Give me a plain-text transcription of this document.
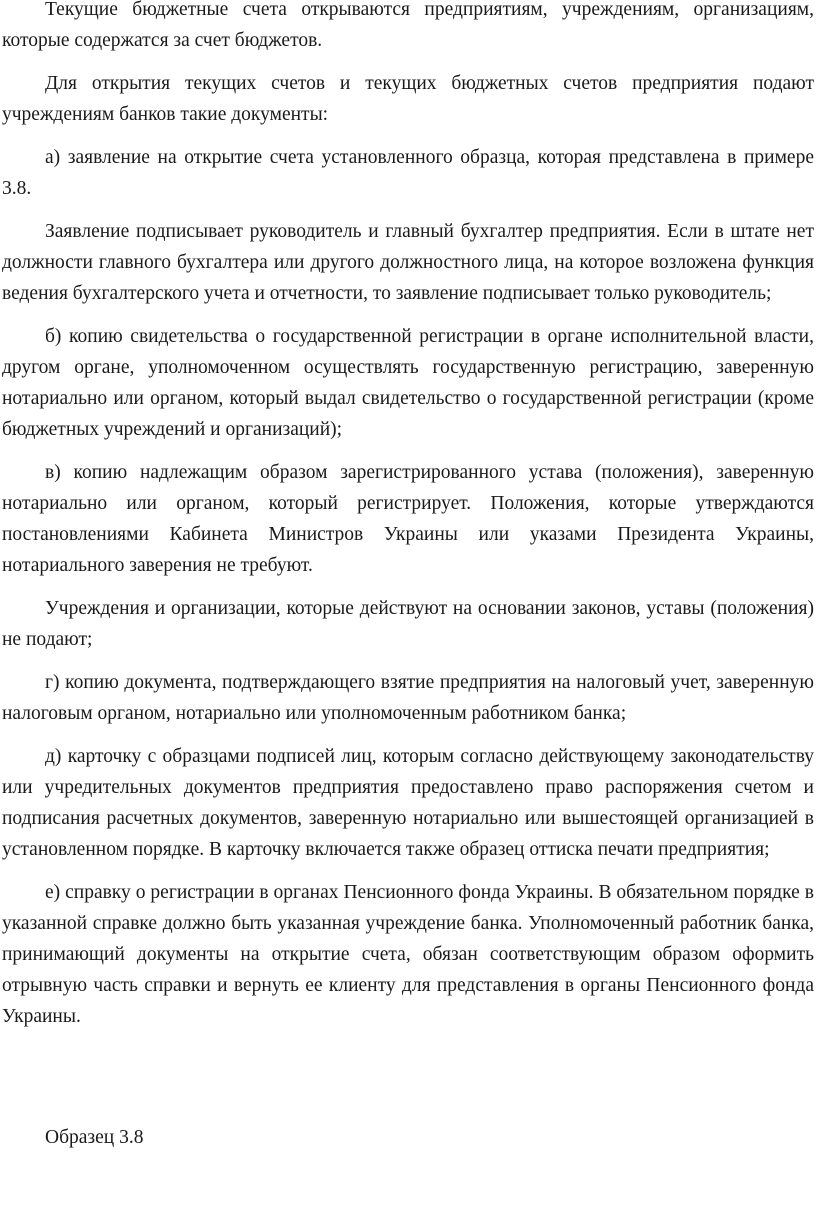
Текущие бюджетные счета открываются предприятиям, учреждениям, организациям, которые содержатся за счет бюджетов.

Для открытия текущих счетов и текущих бюджетных счетов предприятия подают учреждениям банков такие документы:

а) заявление на открытие счета установленного образца, которая представлена в примере 3.8.

Заявление подписывает руководитель и главный бухгалтер предприятия. Если в штате нет должности главного бухгалтера или другого должностного лица, на которое возложена функция ведения бухгалтерского учета и отчетности, то заявление подписывает только руководитель;

б) копию свидетельства о государственной регистрации в органе исполнительной власти, другом органе, уполномоченном осуществлять государственную регистрацию, заверенную нотариально или органом, который выдал свидетельство о государственной регистрации (кроме бюджетных учреждений и организаций);

в) копию надлежащим образом зарегистрированного устава (положения), заверенную нотариально или органом, который регистрирует. Положения, которые утверждаются постановлениями Кабинета Министров Украины или указами Президента Украины, нотариального заверения не требуют.

Учреждения и организации, которые действуют на основании законов, уставы (положения) не подают;

г) копию документа, подтверждающего взятие предприятия на налоговый учет, заверенную налоговым органом, нотариально или уполномоченным работником банка;

д) карточку с образцами подписей лиц, которым согласно действующему законодательству или учредительных документов предприятия предоставлено право распоряжения счетом и подписания расчетных документов, заверенную нотариально или вышестоящей организацией в установленном порядке. В карточку включается также образец оттиска печати предприятия;

е) справку о регистрации в органах Пенсионного фонда Украины. В обязательном порядке в указанной справке должно быть указанная учреждение банка. Уполномоченный работник банка, принимающий документы на открытие счета, обязан соответствующим образом оформить отрывную часть справки и вернуть ее клиенту для представления в органы Пенсионного фонда Украины.

Образец 3.8
